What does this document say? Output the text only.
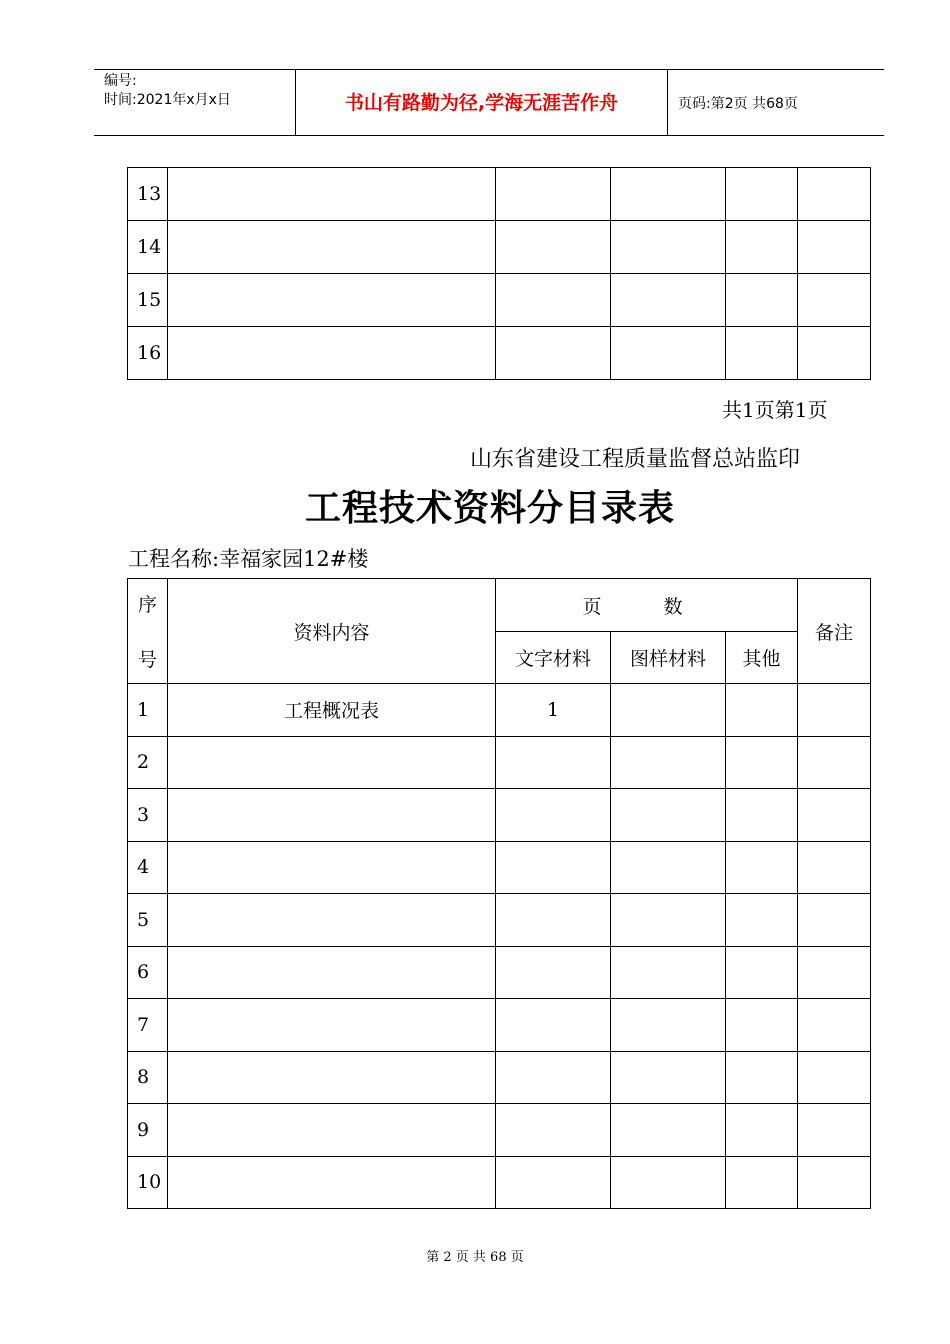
编号:
时间:2021年x月x日	书山有路勤为径,学海无涯苦作舟	页码:第2页 共68页
13					
14					
15					
16					
共1页第1页
山东省建设工程质量监督总站监印
工程技术资料分目录表
工程名称:幸福家园12#楼
序
号	资料内容	页 数			备注
		文字材料	图样材料	其他	
1	工程概况表	1			
2					
3					
4					
5					
6					
7					
8					
9					
10					
第 2 页 共 68 页
